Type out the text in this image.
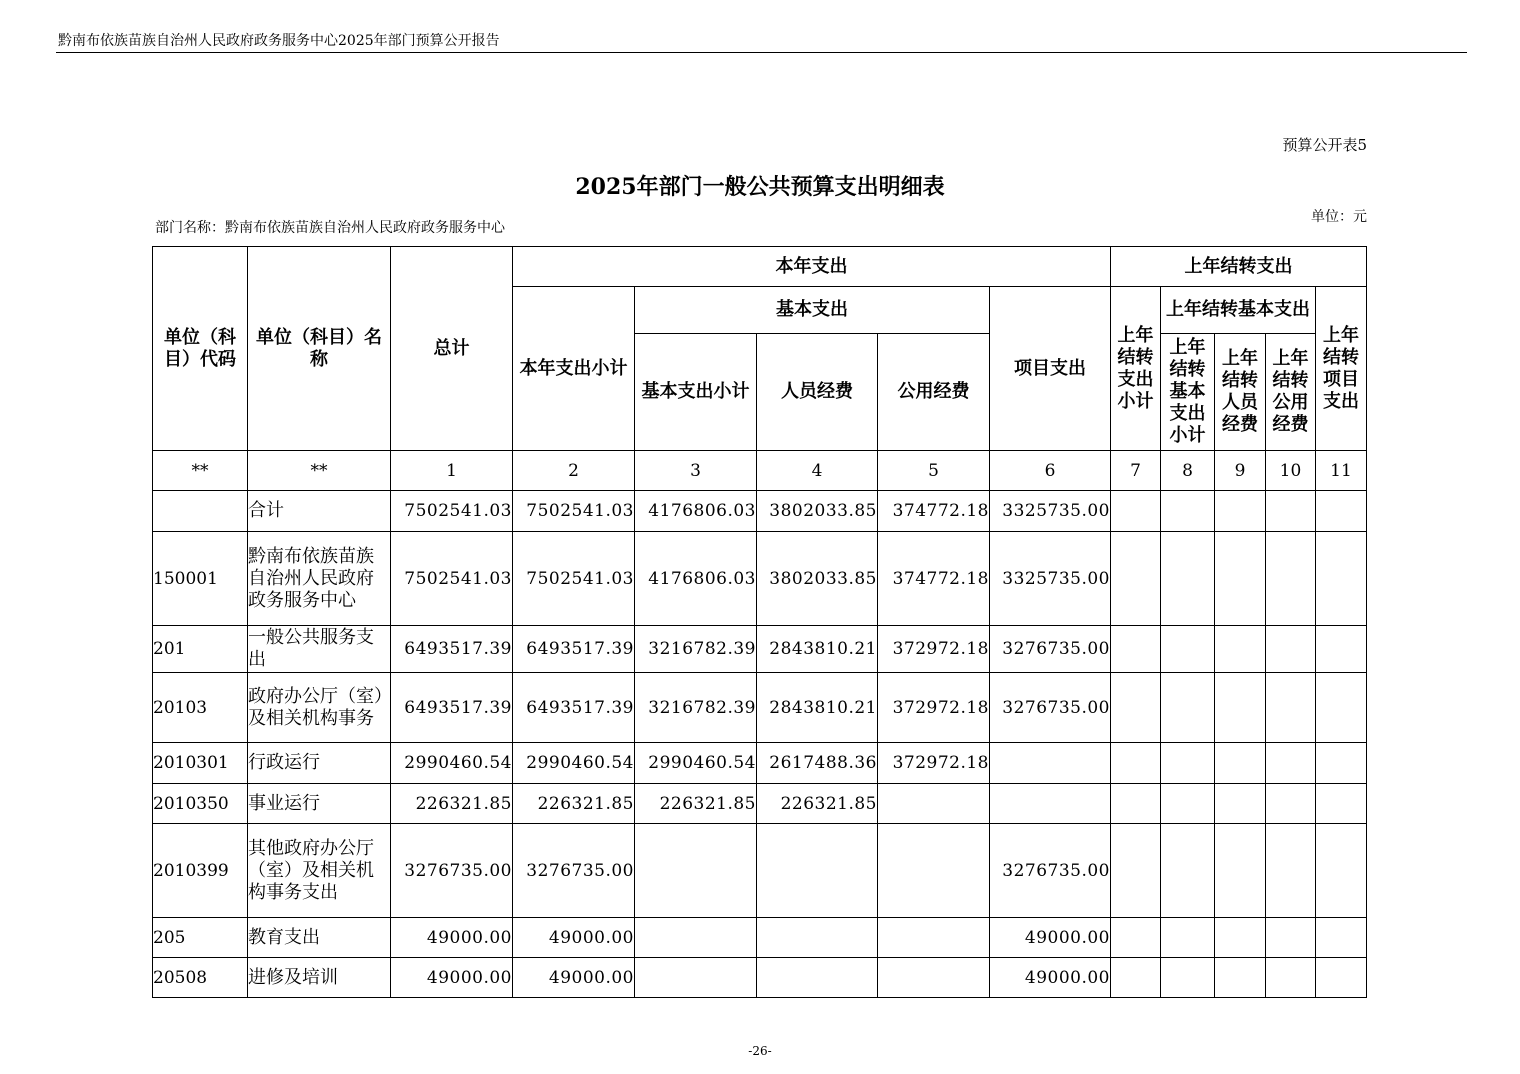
黔南布依族苗族自治州人民政府政务服务中心2025年部门预算公开报告
预算公开表5
2025年部门一般公共预算支出明细表
部门名称：黔南布依族苗族自治州人民政府政务服务中心
单位：元
单位（科目）代码	单位（科目）名称	总计	本年支出					上年结转支出				
			本年支出小计	基本支出			项目支出	上年结转支出小计	上年结转基本支出			上年结转项目支出
				基本支出小计	人员经费	公用经费			上年结转基本支出小计	上年结转人员经费	上年结转公用经费	
**	**	1	2	3	4	5	6	7	8	9	10	11
	合计	7502541.03	7502541.03	4176806.03	3802033.85	374772.18	3325735.00					
150001	黔南布依族苗族自治州人民政府政务服务中心	7502541.03	7502541.03	4176806.03	3802033.85	374772.18	3325735.00					
201	一般公共服务支出	6493517.39	6493517.39	3216782.39	2843810.21	372972.18	3276735.00					
20103	政府办公厅（室）及相关机构事务	6493517.39	6493517.39	3216782.39	2843810.21	372972.18	3276735.00					
2010301	行政运行	2990460.54	2990460.54	2990460.54	2617488.36	372972.18						
2010350	事业运行	226321.85	226321.85	226321.85	226321.85							
2010399	其他政府办公厅（室）及相关机构事务支出	3276735.00	3276735.00				3276735.00					
205	教育支出	49000.00	49000.00				49000.00					
20508	进修及培训	49000.00	49000.00				49000.00					
-26-
